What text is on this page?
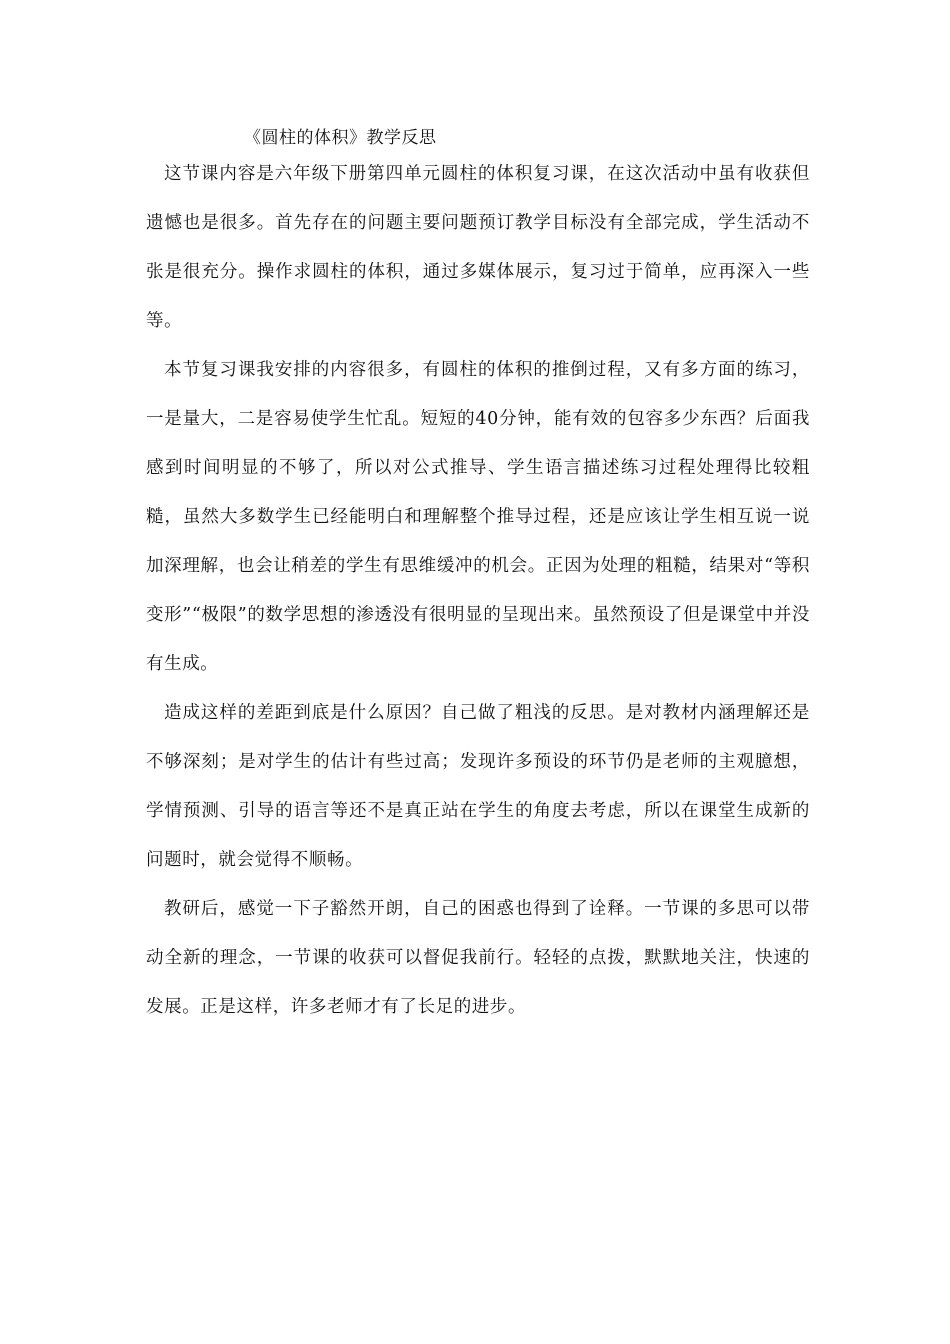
《圆柱的体积》教学反思

这节课内容是六年级下册第四单元圆柱的体积复习课，在这次活动中虽有收获但遗憾也是很多。首先存在的问题主要问题预订教学目标没有全部完成，学生活动不张是很充分。操作求圆柱的体积，通过多媒体展示，复习过于简单，应再深入一些等。

本节复习课我安排的内容很多，有圆柱的体积的推倒过程，又有多方面的练习，一是量大，二是容易使学生忙乱。短短的40分钟，能有效的包容多少东西？后面我感到时间明显的不够了，所以对公式推导、学生语言描述练习过程处理得比较粗糙，虽然大多数学生已经能明白和理解整个推导过程，还是应该让学生相互说一说加深理解，也会让稍差的学生有思维缓冲的机会。正因为处理的粗糙，结果对“等积变形”“极限”的数学思想的渗透没有很明显的呈现出来。虽然预设了但是课堂中并没有生成。

造成这样的差距到底是什么原因？自己做了粗浅的反思。是对教材内涵理解还是不够深刻；是对学生的估计有些过高；发现许多预设的环节仍是老师的主观臆想，学情预测、引导的语言等还不是真正站在学生的角度去考虑，所以在课堂生成新的问题时，就会觉得不顺畅。

教研后，感觉一下子豁然开朗，自己的困惑也得到了诠释。一节课的多思可以带动全新的理念，一节课的收获可以督促我前行。轻轻的点拨，默默地关注，快速的发展。正是这样，许多老师才有了长足的进步。
